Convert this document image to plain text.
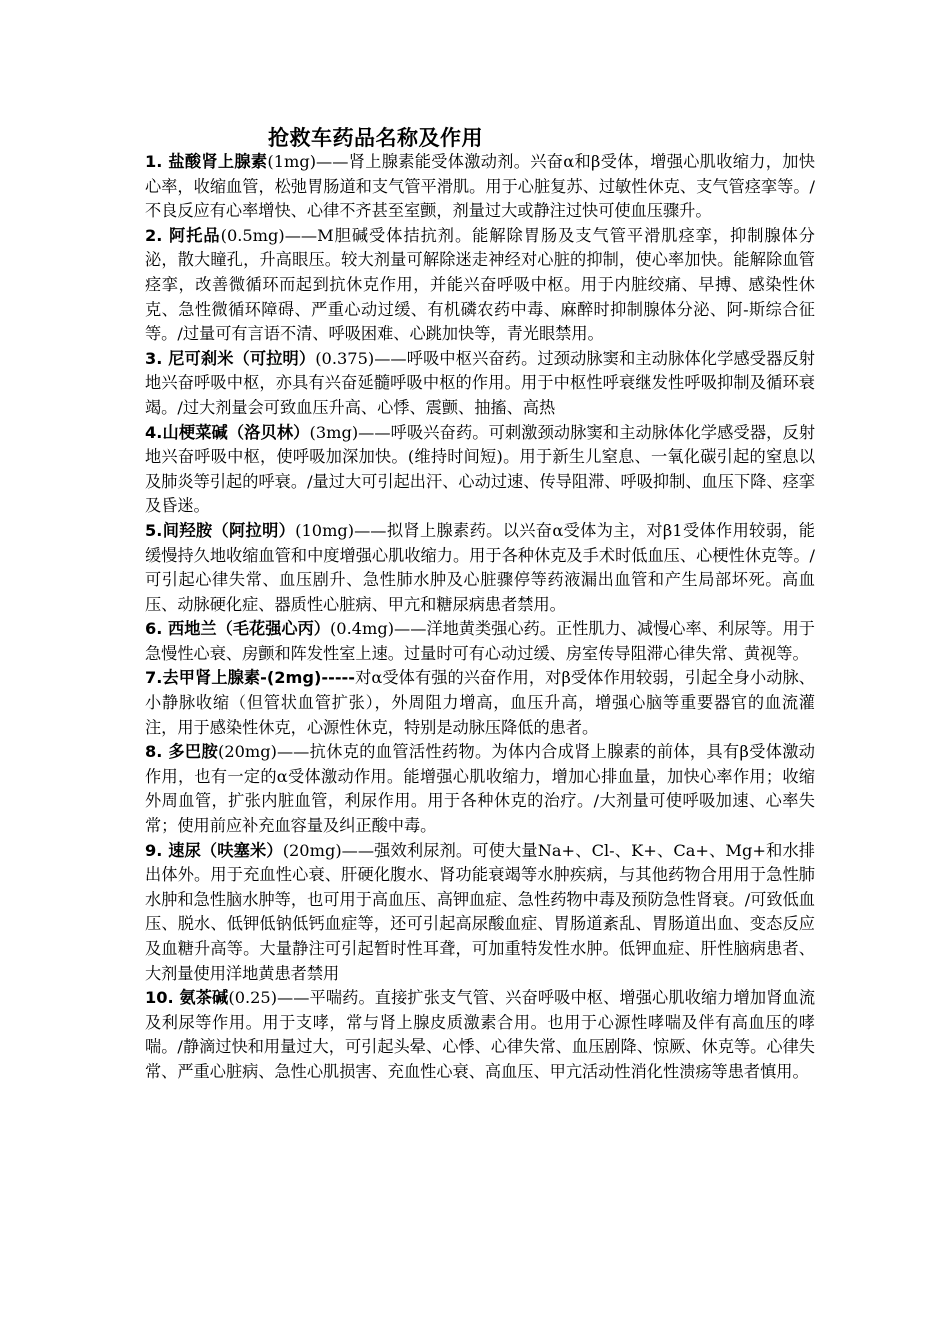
抢救车药品名称及作用

1. 盐酸肾上腺素(1mg)——肾上腺素能受体激动剂。兴奋α和β受体，增强心肌收缩力，加快心率，收缩血管，松弛胃肠道和支气管平滑肌。用于心脏复苏、过敏性休克、支气管痉挛等。/不良反应有心率增快、心律不齐甚至室颤，剂量过大或静注过快可使血压骤升。

2. 阿托品(0.5mg)——M胆碱受体拮抗剂。能解除胃肠及支气管平滑肌痉挛，抑制腺体分泌，散大瞳孔，升高眼压。较大剂量可解除迷走神经对心脏的抑制，使心率加快。能解除血管痉挛，改善微循环而起到抗休克作用，并能兴奋呼吸中枢。用于内脏绞痛、早搏、感染性休克、急性微循环障碍、严重心动过缓、有机磷农药中毒、麻醉时抑制腺体分泌、阿-斯综合征等。/过量可有言语不清、呼吸困难、心跳加快等，青光眼禁用。

3. 尼可刹米（可拉明）(0.375)——呼吸中枢兴奋药。过颈动脉窦和主动脉体化学感受器反射地兴奋呼吸中枢，亦具有兴奋延髓呼吸中枢的作用。用于中枢性呼衰继发性呼吸抑制及循环衰竭。/过大剂量会可致血压升高、心悸、震颤、抽搐、高热

4.山梗菜碱（洛贝林）(3mg)——呼吸兴奋药。可刺激颈动脉窦和主动脉体化学感受器，反射地兴奋呼吸中枢，使呼吸加深加快。(维持时间短)。用于新生儿窒息、一氧化碳引起的窒息以及肺炎等引起的呼衰。/量过大可引起出汗、心动过速、传导阻滞、呼吸抑制、血压下降、痉挛及昏迷。

5.间羟胺（阿拉明）(10mg)——拟肾上腺素药。以兴奋α受体为主，对β1受体作用较弱，能缓慢持久地收缩血管和中度增强心肌收缩力。用于各种休克及手术时低血压、心梗性休克等。/可引起心律失常、血压剧升、急性肺水肿及心脏骤停等药液漏出血管和产生局部坏死。高血压、动脉硬化症、器质性心脏病、甲亢和糖尿病患者禁用。

6. 西地兰（毛花强心丙）(0.4mg)——洋地黄类强心药。正性肌力、减慢心率、利尿等。用于急慢性心衰、房颤和阵发性室上速。过量时可有心动过缓、房室传导阻滞心律失常、黄视等。

7.去甲肾上腺素-(2mg)-----对α受体有强的兴奋作用，对β受体作用较弱，引起全身小动脉、小静脉收缩（但管状血管扩张），外周阻力增高，血压升高，增强心脑等重要器官的血流灌注，用于感染性休克，心源性休克，特别是动脉压降低的患者。

8. 多巴胺(20mg)——抗休克的血管活性药物。为体内合成肾上腺素的前体，具有β受体激动作用，也有一定的α受体激动作用。能增强心肌收缩力，增加心排血量，加快心率作用；收缩外周血管，扩张内脏血管，利尿作用。用于各种休克的治疗。/大剂量可使呼吸加速、心率失常；使用前应补充血容量及纠正酸中毒。

9. 速尿（呋塞米）(20mg)——强效利尿剂。可使大量Na+、Cl-、K+、Ca+、Mg+和水排出体外。用于充血性心衰、肝硬化腹水、肾功能衰竭等水肿疾病，与其他药物合用用于急性肺水肿和急性脑水肿等，也可用于高血压、高钾血症、急性药物中毒及预防急性肾衰。/可致低血压、脱水、低钾低钠低钙血症等，还可引起高尿酸血症、胃肠道紊乱、胃肠道出血、变态反应及血糖升高等。大量静注可引起暂时性耳聋，可加重特发性水肿。低钾血症、肝性脑病患者、大剂量使用洋地黄患者禁用

10. 氨茶碱(0.25)——平喘药。直接扩张支气管、兴奋呼吸中枢、增强心肌收缩力增加肾血流及利尿等作用。用于支哮，常与肾上腺皮质激素合用。也用于心源性哮喘及伴有高血压的哮喘。/静滴过快和用量过大，可引起头晕、心悸、心律失常、血压剧降、惊厥、休克等。心律失常、严重心脏病、急性心肌损害、充血性心衰、高血压、甲亢活动性消化性溃疡等患者慎用。
